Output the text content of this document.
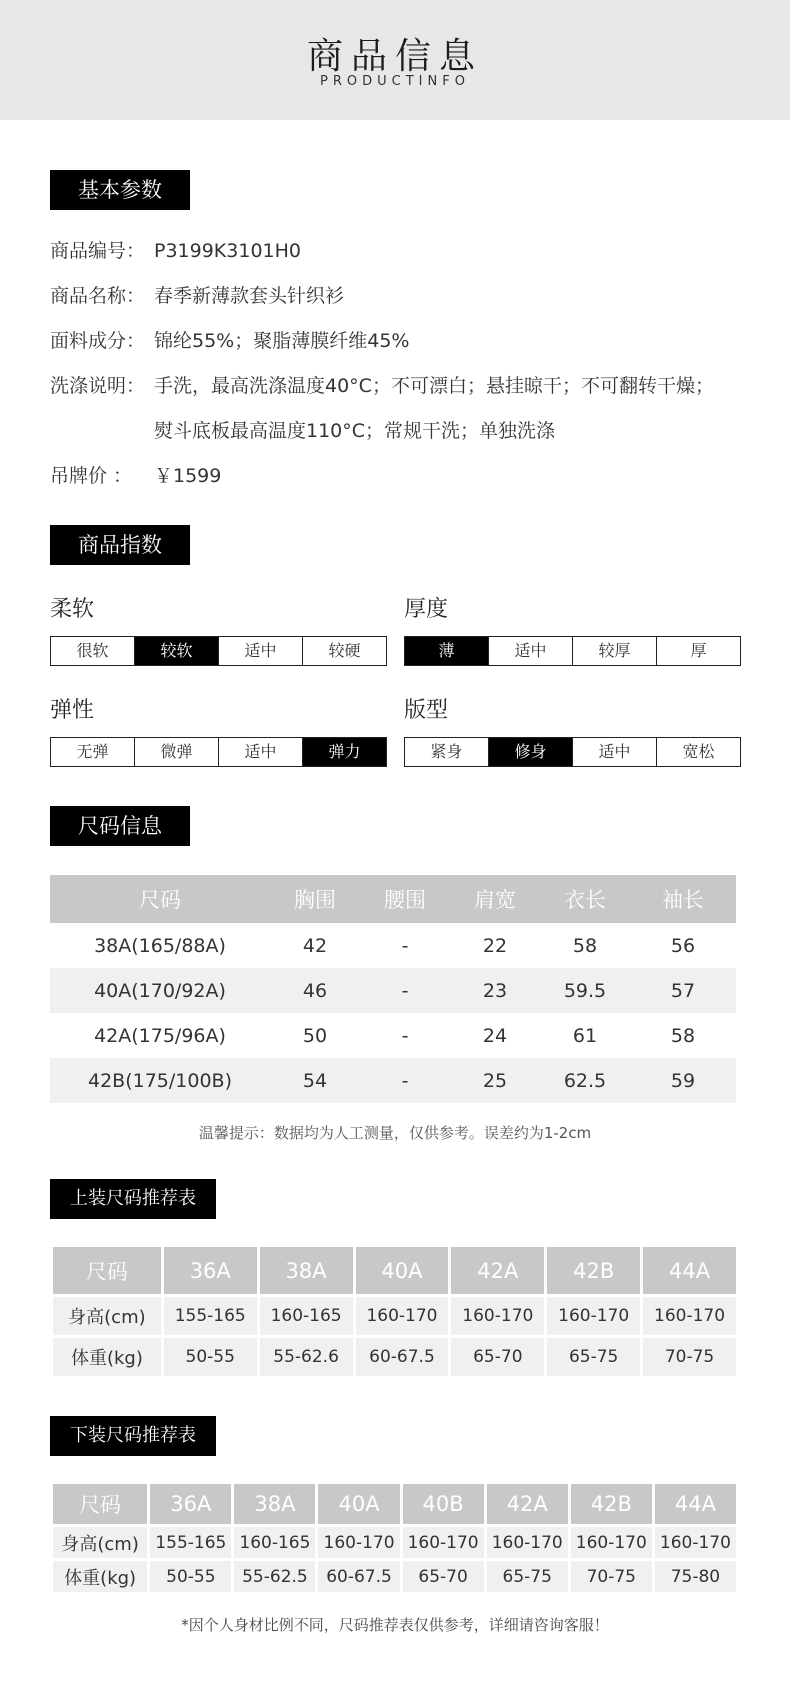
商品信息
PRODUCTINFO
基本参数
商品编号： P3199K3101H0
商品名称： 春季新薄款套头针织衫
面料成分： 锦纶55%；聚脂薄膜纤维45%
洗涤说明： 手洗，最高洗涤温度40°C；不可漂白；悬挂晾干；不可翻转干燥；
熨斗底板最高温度110°C；常规干洗；单独洗涤
吊牌价 ： ￥1599
商品指数
柔软
很软	较软	适中	较硬
厚度
薄	适中	较厚	厚
弹性
无弹	微弹	适中	弹力
版型
紧身	修身	适中	宽松
尺码信息
尺码	胸围	腰围	肩宽	衣长	袖长
38A(165/88A)	42	-	22	58	56
40A(170/92A)	46	-	23	59.5	57
42A(175/96A)	50	-	24	61	58
42B(175/100B)	54	-	25	62.5	59
温馨提示：数据均为人工测量，仅供参考。误差约为1-2cm
上装尺码推荐表
尺码	36A	38A	40A	42A	42B	44A
身高(cm)	155-165	160-165	160-170	160-170	160-170	160-170
体重(kg)	50-55	55-62.6	60-67.5	65-70	65-75	70-75
下装尺码推荐表
尺码	36A	38A	40A	40B	42A	42B	44A
身高(cm)	155-165	160-165	160-170	160-170	160-170	160-170	160-170
体重(kg)	50-55	55-62.5	60-67.5	65-70	65-75	70-75	75-80
*因个人身材比例不同，尺码推荐表仅供参考，详细请咨询客服！
